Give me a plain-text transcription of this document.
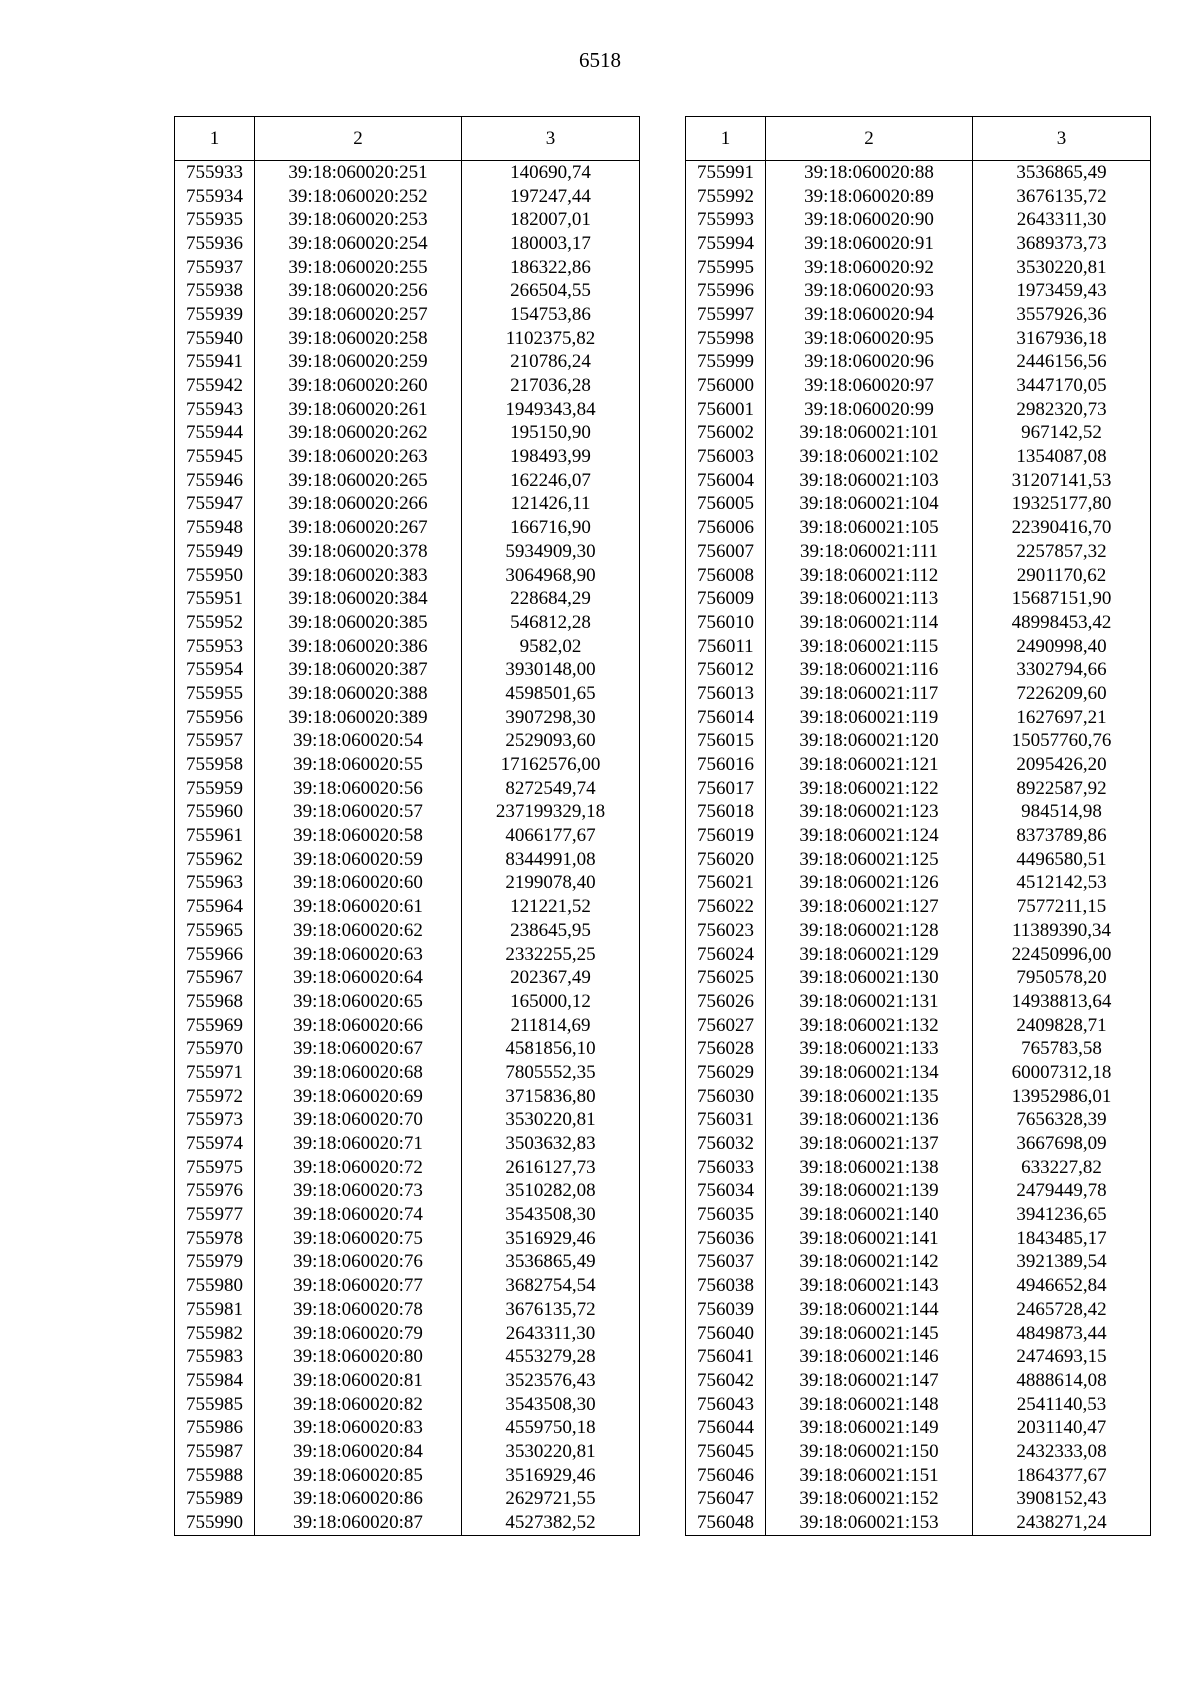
6518
1	2	3
755933	39:18:060020:251	140690,74
755934	39:18:060020:252	197247,44
755935	39:18:060020:253	182007,01
755936	39:18:060020:254	180003,17
755937	39:18:060020:255	186322,86
755938	39:18:060020:256	266504,55
755939	39:18:060020:257	154753,86
755940	39:18:060020:258	1102375,82
755941	39:18:060020:259	210786,24
755942	39:18:060020:260	217036,28
755943	39:18:060020:261	1949343,84
755944	39:18:060020:262	195150,90
755945	39:18:060020:263	198493,99
755946	39:18:060020:265	162246,07
755947	39:18:060020:266	121426,11
755948	39:18:060020:267	166716,90
755949	39:18:060020:378	5934909,30
755950	39:18:060020:383	3064968,90
755951	39:18:060020:384	228684,29
755952	39:18:060020:385	546812,28
755953	39:18:060020:386	9582,02
755954	39:18:060020:387	3930148,00
755955	39:18:060020:388	4598501,65
755956	39:18:060020:389	3907298,30
755957	39:18:060020:54	2529093,60
755958	39:18:060020:55	17162576,00
755959	39:18:060020:56	8272549,74
755960	39:18:060020:57	237199329,18
755961	39:18:060020:58	4066177,67
755962	39:18:060020:59	8344991,08
755963	39:18:060020:60	2199078,40
755964	39:18:060020:61	121221,52
755965	39:18:060020:62	238645,95
755966	39:18:060020:63	2332255,25
755967	39:18:060020:64	202367,49
755968	39:18:060020:65	165000,12
755969	39:18:060020:66	211814,69
755970	39:18:060020:67	4581856,10
755971	39:18:060020:68	7805552,35
755972	39:18:060020:69	3715836,80
755973	39:18:060020:70	3530220,81
755974	39:18:060020:71	3503632,83
755975	39:18:060020:72	2616127,73
755976	39:18:060020:73	3510282,08
755977	39:18:060020:74	3543508,30
755978	39:18:060020:75	3516929,46
755979	39:18:060020:76	3536865,49
755980	39:18:060020:77	3682754,54
755981	39:18:060020:78	3676135,72
755982	39:18:060020:79	2643311,30
755983	39:18:060020:80	4553279,28
755984	39:18:060020:81	3523576,43
755985	39:18:060020:82	3543508,30
755986	39:18:060020:83	4559750,18
755987	39:18:060020:84	3530220,81
755988	39:18:060020:85	3516929,46
755989	39:18:060020:86	2629721,55
755990	39:18:060020:87	4527382,52
1	2	3
755991	39:18:060020:88	3536865,49
755992	39:18:060020:89	3676135,72
755993	39:18:060020:90	2643311,30
755994	39:18:060020:91	3689373,73
755995	39:18:060020:92	3530220,81
755996	39:18:060020:93	1973459,43
755997	39:18:060020:94	3557926,36
755998	39:18:060020:95	3167936,18
755999	39:18:060020:96	2446156,56
756000	39:18:060020:97	3447170,05
756001	39:18:060020:99	2982320,73
756002	39:18:060021:101	967142,52
756003	39:18:060021:102	1354087,08
756004	39:18:060021:103	31207141,53
756005	39:18:060021:104	19325177,80
756006	39:18:060021:105	22390416,70
756007	39:18:060021:111	2257857,32
756008	39:18:060021:112	2901170,62
756009	39:18:060021:113	15687151,90
756010	39:18:060021:114	48998453,42
756011	39:18:060021:115	2490998,40
756012	39:18:060021:116	3302794,66
756013	39:18:060021:117	7226209,60
756014	39:18:060021:119	1627697,21
756015	39:18:060021:120	15057760,76
756016	39:18:060021:121	2095426,20
756017	39:18:060021:122	8922587,92
756018	39:18:060021:123	984514,98
756019	39:18:060021:124	8373789,86
756020	39:18:060021:125	4496580,51
756021	39:18:060021:126	4512142,53
756022	39:18:060021:127	7577211,15
756023	39:18:060021:128	11389390,34
756024	39:18:060021:129	22450996,00
756025	39:18:060021:130	7950578,20
756026	39:18:060021:131	14938813,64
756027	39:18:060021:132	2409828,71
756028	39:18:060021:133	765783,58
756029	39:18:060021:134	60007312,18
756030	39:18:060021:135	13952986,01
756031	39:18:060021:136	7656328,39
756032	39:18:060021:137	3667698,09
756033	39:18:060021:138	633227,82
756034	39:18:060021:139	2479449,78
756035	39:18:060021:140	3941236,65
756036	39:18:060021:141	1843485,17
756037	39:18:060021:142	3921389,54
756038	39:18:060021:143	4946652,84
756039	39:18:060021:144	2465728,42
756040	39:18:060021:145	4849873,44
756041	39:18:060021:146	2474693,15
756042	39:18:060021:147	4888614,08
756043	39:18:060021:148	2541140,53
756044	39:18:060021:149	2031140,47
756045	39:18:060021:150	2432333,08
756046	39:18:060021:151	1864377,67
756047	39:18:060021:152	3908152,43
756048	39:18:060021:153	2438271,24
